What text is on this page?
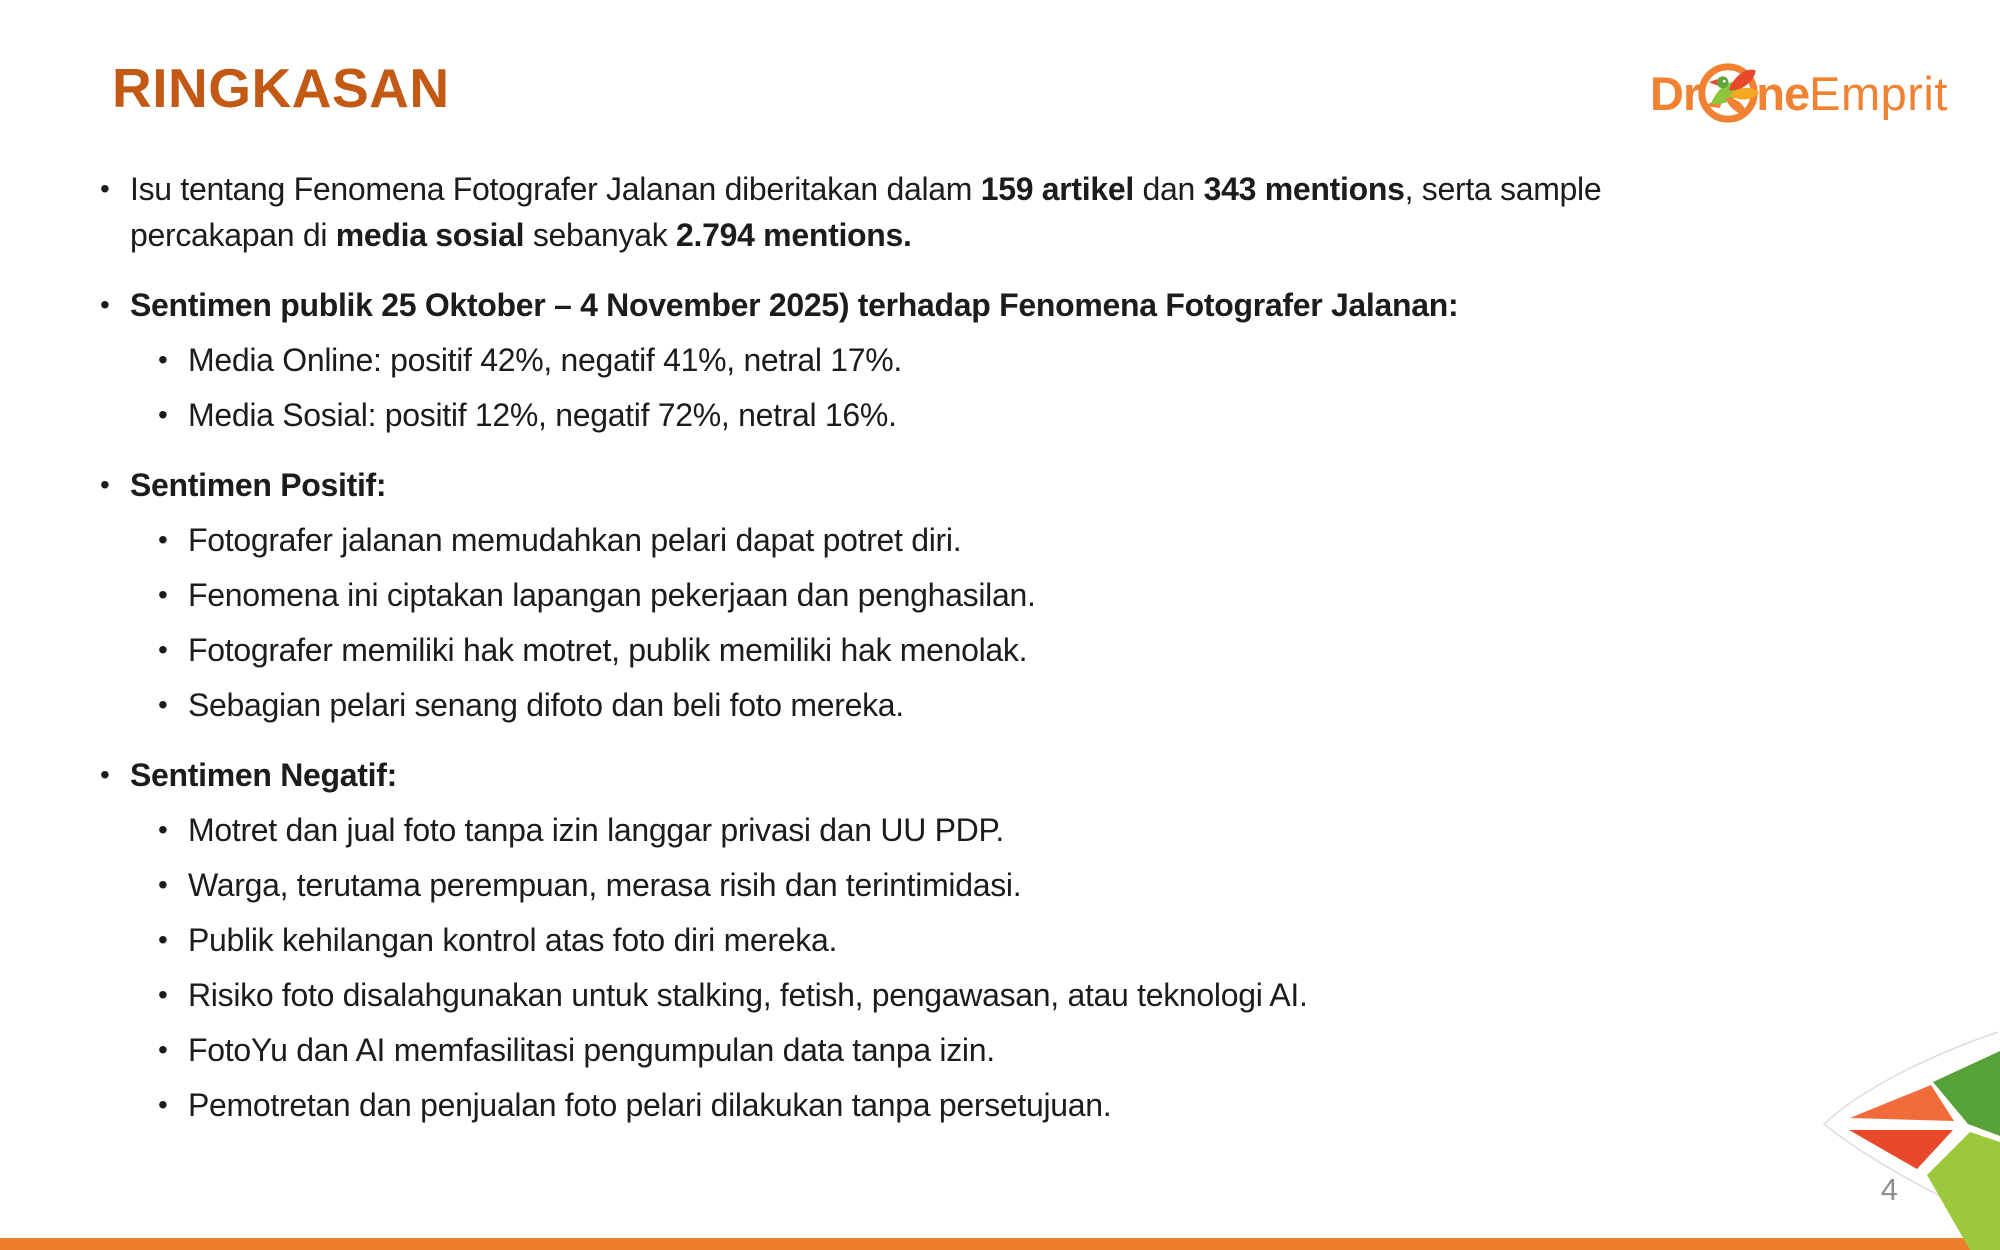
RINGKASAN	Dr ne Emprit
• Isu tentang Fenomena Fotografer Jalanan diberitakan dalam 159 artikel dan 343 mentions, serta sample percakapan di media sosial sebanyak 2.794 mentions.
• Sentimen publik 25 Oktober – 4 November 2025) terhadap Fenomena Fotografer Jalanan:
• Media Online: positif 42%, negatif 41%, netral 17%.
• Media Sosial: positif 12%, negatif 72%, netral 16%.
• Sentimen Positif:
• Fotografer jalanan memudahkan pelari dapat potret diri.
• Fenomena ini ciptakan lapangan pekerjaan dan penghasilan.
• Fotografer memiliki hak motret, publik memiliki hak menolak.
• Sebagian pelari senang difoto dan beli foto mereka.
• Sentimen Negatif:
• Motret dan jual foto tanpa izin langgar privasi dan UU PDP.
• Warga, terutama perempuan, merasa risih dan terintimidasi.
• Publik kehilangan kontrol atas foto diri mereka.
• Risiko foto disalahgunakan untuk stalking, fetish, pengawasan, atau teknologi AI.
• FotoYu dan AI memfasilitasi pengumpulan data tanpa izin.
• Pemotretan dan penjualan foto pelari dilakukan tanpa persetujuan.
4
